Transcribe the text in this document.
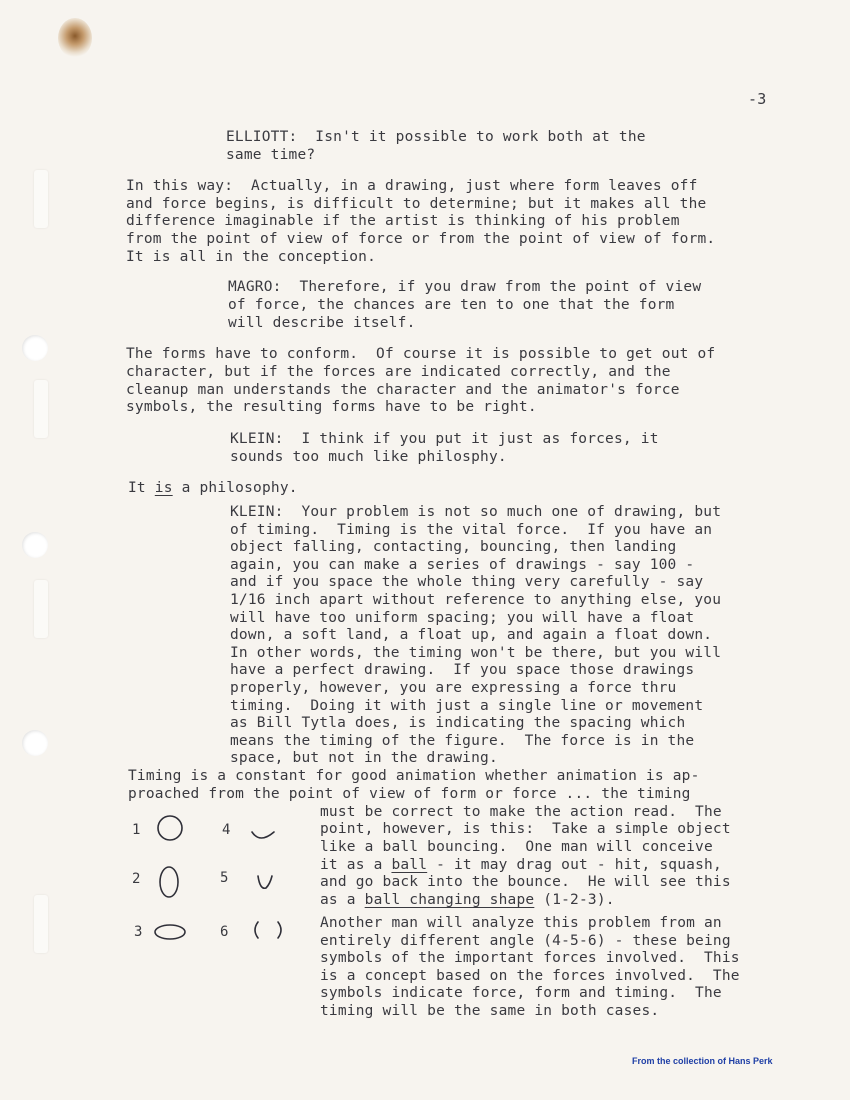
-3
ELLIOTT:  Isn't it possible to work both at the
same time?
In this way:  Actually, in a drawing, just where form leaves off
and force begins, is difficult to determine; but it makes all the
difference imaginable if the artist is thinking of his problem
from the point of view of force or from the point of view of form.
It is all in the conception.
MAGRO:  Therefore, if you draw from the point of view
of force, the chances are ten to one that the form
will describe itself.
The forms have to conform.  Of course it is possible to get out of
character, but if the forces are indicated correctly, and the
cleanup man understands the character and the animator's force
symbols, the resulting forms have to be right.
KLEIN:  I think if you put it just as forces, it
sounds too much like philosphy.
It is a philosophy.
KLEIN:  Your problem is not so much one of drawing, but
of timing.  Timing is the vital force.  If you have an
object falling, contacting, bouncing, then landing
again, you can make a series of drawings - say 100 -
and if you space the whole thing very carefully - say
1/16 inch apart without reference to anything else, you
will have too uniform spacing; you will have a float
down, a soft land, a float up, and again a float down.
In other words, the timing won't be there, but you will
have a perfect drawing.  If you space those drawings
properly, however, you are expressing a force thru
timing.  Doing it with just a single line or movement
as Bill Tytla does, is indicating the spacing which
means the timing of the figure.  The force is in the
space, but not in the drawing.
Timing is a constant for good animation whether animation is ap-
proached from the point of view of form or force ... the timing
must be correct to make the action read.  The
point, however, is this:  Take a simple object
like a ball bouncing.  One man will conceive
it as a ball - it may drag out - hit, squash,
and go back into the bounce.  He will see this
as a ball changing shape (1-2-3).
Another man will analyze this problem from an
entirely different angle (4-5-6) - these being
symbols of the important forces involved.  This
is a concept based on the forces involved.  The
symbols indicate force, form and timing.  The
timing will be the same in both cases.
1
2
3
4
5
6
From the collection of Hans Perk
